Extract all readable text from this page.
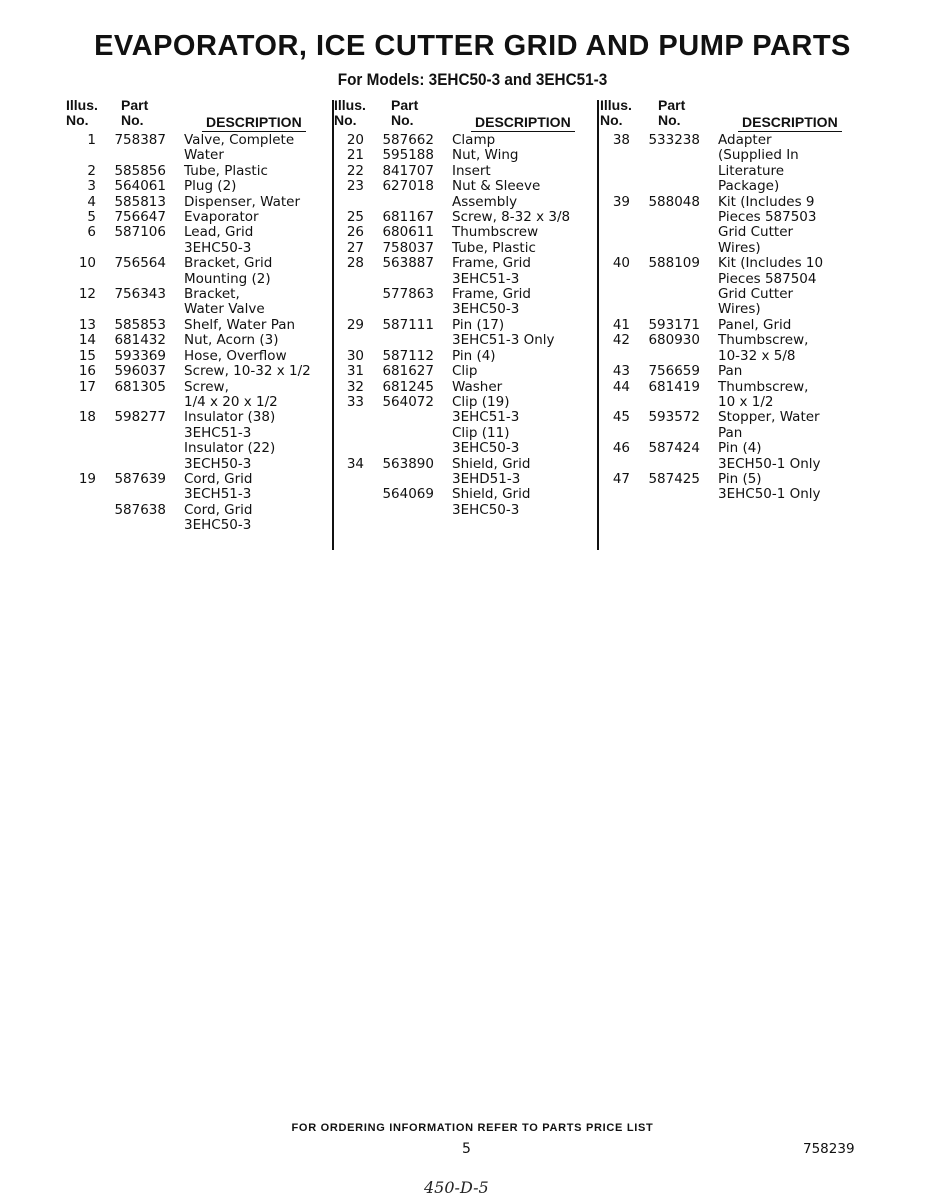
EVAPORATOR, ICE CUTTER GRID AND PUMP PARTS
For Models: 3EHC50-3 and 3EHC51-3
Illus.
No.
Part
No.	DESCRIPTION
1	758387 Valve, Complete
Water
2	585856 Tube, Plastic
3	564061 Plug (2)
4	585813 Dispenser, Water
5	756647 Evaporator
6	587106 Lead, Grid
3EHC50-3
10	756564 Bracket, Grid
Mounting (2)
12	756343 Bracket,
Water Valve
13	585853 Shelf, Water Pan
14	681432 Nut, Acorn (3)
15	593369 Hose, Overflow
16	596037 Screw, 10-32 x 1/2
17	681305 Screw,
1/4 x 20 x 1/2
18	598277 Insulator (38)
3EHC51-3
Insulator (22)
3ECH50-3
19	587639 Cord, Grid
3ECH51-3
587638 Cord, Grid
3EHC50-3
Illus.
No.
Part
No.	DESCRIPTION
20	587662 Clamp
21	595188 Nut, Wing
22	841707 Insert
23	627018 Nut & Sleeve
Assembly
25	681167 Screw, 8-32 x 3/8
26	680611 Thumbscrew
27	758037 Tube, Plastic
28	563887 Frame, Grid
3EHC51-3
577863 Frame, Grid
3EHC50-3
29	587111 Pin (17)
3EHC51-3 Only
30	587112 Pin (4)
31	681627 Clip
32	681245 Washer
33	564072 Clip (19)
3EHC51-3
Clip (11)
3EHC50-3
34	563890 Shield, Grid
3EHD51-3
564069 Shield, Grid
3EHC50-3
Illus.
No.
Part
No.	DESCRIPTION
38	533238 Adapter
(Supplied In
Literature
Package)
39	588048 Kit (Includes 9
Pieces 587503
Grid Cutter
Wires)
40	588109 Kit (Includes 10
Pieces 587504
Grid Cutter
Wires)
41	593171 Panel, Grid
42	680930 Thumbscrew,
10-32 x 5/8
43	756659 Pan
44	681419 Thumbscrew,
10 x 1/2
45	593572 Stopper, Water
Pan
46	587424 Pin (4)
3ECH50-1 Only
47	587425 Pin (5)
3EHC50-1 Only
FOR ORDERING INFORMATION REFER TO PARTS PRICE LIST
5	758239
450-D-5
